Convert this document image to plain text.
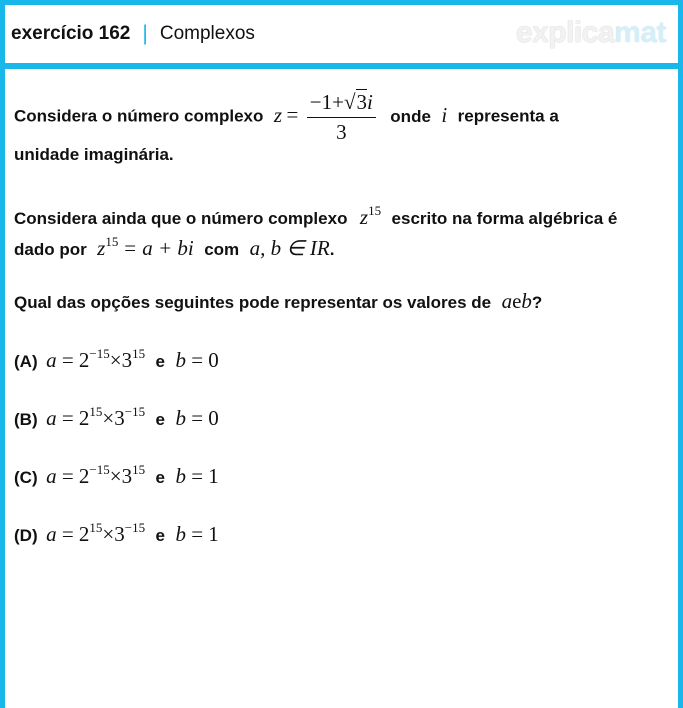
exercício 162 | Complexos	explicamat
Considera o número complexo $z = \frac{-1+√3i}{3}$ onde i representa a
unidade imaginária.
Considera ainda que o número complexo $z^{15}$ escrito na forma algébrica é
dado por $z^{15} = a$ + bi com a, b ∈ IR.
Qual das opções seguintes pode representar os valores de aeb?
(A) $a = 2^{-15}\times 3^{15}$ e b = 0
(B) $a = 2^{15}\times 3^{-15}$ e b = 0
(C) $a = 2^{-15}\times 3^{15}$ e b = 1
(D) $a = 2^{15}\times 3^{-15}$ e b = 1
